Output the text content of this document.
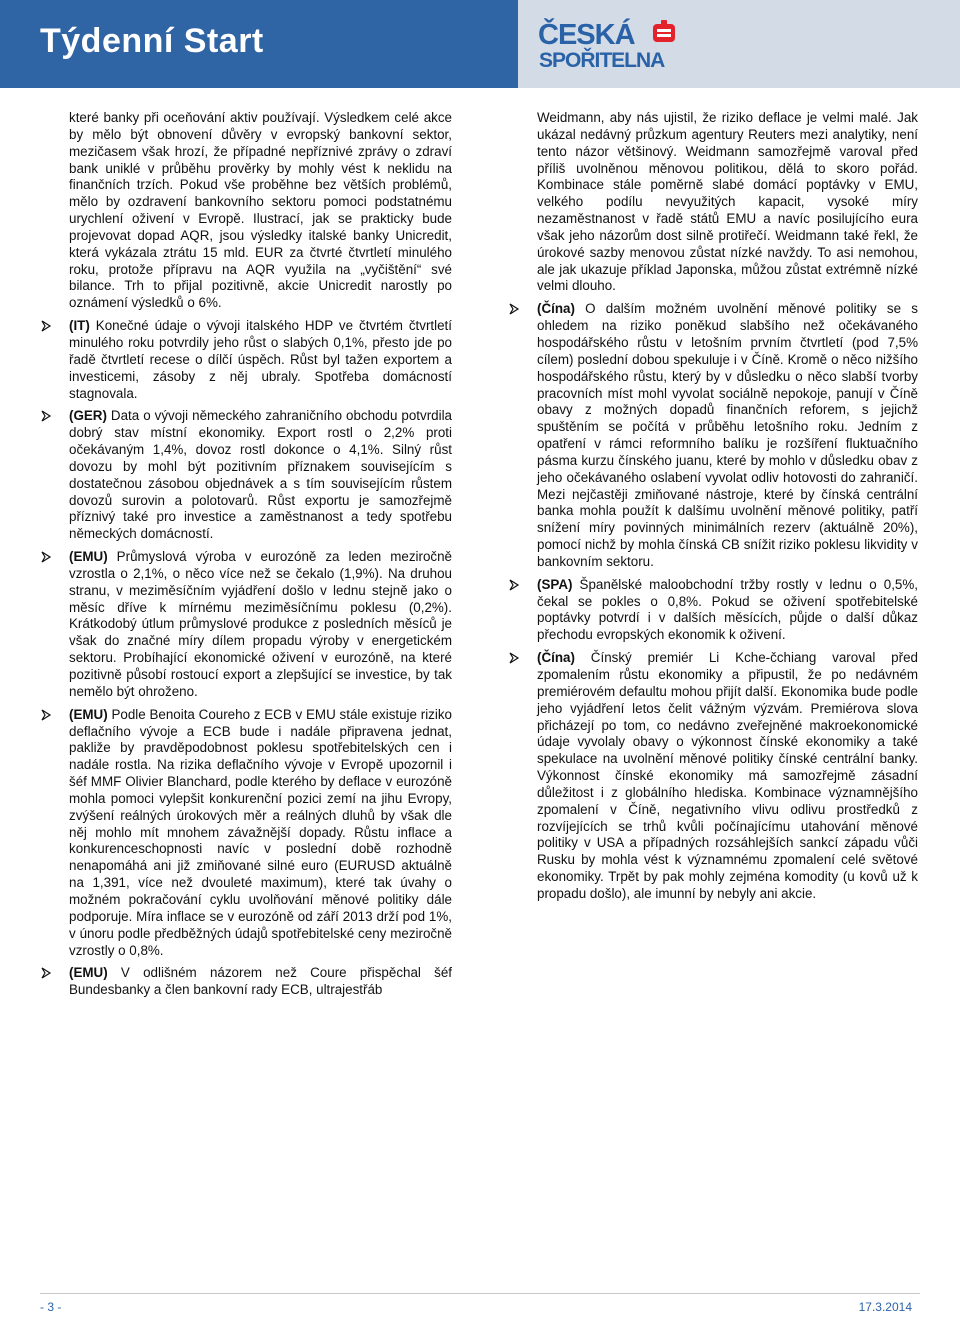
Týdenní Start	ČESKÁ
SPOŘITELNA

které banky při oceňování aktiv používají. Výsledkem celé akce by mělo být obnovení důvěry v evropský bankovní sektor, mezičasem však hrozí, že případné nepříznivé zprávy o zdraví bank uniklé v průběhu prověrky by mohly vést k neklidu na finančních trzích. Pokud vše proběhne bez větších problémů, mělo by ozdravení bankovního sektoru pomoci podstatnému urychlení oživení v Evropě. Ilustrací, jak se prakticky bude projevovat dopad AQR, jsou výsledky italské banky Unicredit, která vykázala ztrátu 15 mld. EUR za čtvrté čtvrtletí minulého roku, protože přípravu na AQR využila na „vyčištění“ své bilance. Trh to přijal pozitivně, akcie Unicredit narostly po oznámení výsledků o 6%.

(IT) Konečné údaje o vývoji italského HDP ve čtvrtém čtvrtletí minulého roku potvrdily jeho růst o slabých 0,1%, přesto jde po řadě čtvrtletí recese o dílčí úspěch. Růst byl tažen exportem a investicemi, zásoby z něj ubraly. Spotřeba domácností stagnovala.
(GER) Data o vývoji německého zahraničního obchodu potvrdila dobrý stav místní ekonomiky. Export rostl o 2,2% proti očekávaným 1,4%, dovoz rostl dokonce o 4,1%. Silný růst dovozu by mohl být pozitivním příznakem souvisejícím s dostatečnou zásobou objednávek a s tím souvisejícím růstem dovozů surovin a polotovarů. Růst exportu je samozřejmě příznivý také pro investice a zaměstnanost a tedy spotřebu německých domácností.
(EMU) Průmyslová výroba v eurozóně za leden meziročně vzrostla o 2,1%, o něco více než se čekalo (1,9%). Na druhou stranu, v meziměsíčním vyjádření došlo v lednu stejně jako o měsíc dříve k mírnému meziměsíčnímu poklesu (0,2%). Krátkodobý útlum průmyslové produkce z posledních měsíců je však do značné míry dílem propadu výroby v energetickém sektoru. Probíhající ekonomické oživení v eurozóně, na které pozitivně působí rostoucí export a zlepšující se investice, by tak nemělo být ohroženo.
(EMU) Podle Benoita Coureho z ECB v EMU stále existuje riziko deflačního vývoje a ECB bude i nadále připravena jednat, pakliže by pravděpodobnost poklesu spotřebitelských cen i nadále rostla. Na rizika deflačního vývoje v Evropě upozornil i šéf MMF Olivier Blanchard, podle kterého by deflace v eurozóně mohla pomoci vylepšit konkurenční pozici zemí na jihu Evropy, zvýšení reálných úrokových měr a reálných dluhů by však dle něj mohlo mít mnohem závažnější dopady. Růstu inflace a konkurenceschopnosti navíc v poslední době rozhodně nenapomáhá ani již zmiňované silné euro (EURUSD aktuálně na 1,391, více než dvouleté maximum), které tak úvahy o možném pokračování cyklu uvolňování měnové politiky dále podporuje. Míra inflace se v eurozóně od září 2013 drží pod 1%, v únoru podle předběžných údajů spotřebitelské ceny meziročně vzrostly o 0,8%.
(EMU) V odlišném názorem než Coure přispěchal šéf Bundesbanky a člen bankovní rady ECB, ultrajestřáb

Weidmann, aby nás ujistil, že riziko deflace je velmi malé. Jak ukázal nedávný průzkum agentury Reuters mezi analytiky, není tento názor většinový. Weidmann samozřejmě varoval před příliš uvolněnou měnovou politikou, dělá to skoro pořád. Kombinace stále poměrně slabé domácí poptávky v EMU, velkého podílu nevyužitých kapacit, vysoké míry nezaměstnanost v řadě států EMU a navíc posilujícího eura však jeho názorům dost silně protiřečí. Weidmann také řekl, že úrokové sazby menovou zůstat nízké navždy. To asi nemohou, ale jak ukazuje příklad Japonska, můžou zůstat extrémně nízké velmi dlouho.

(Čína) O dalším možném uvolnění měnové politiky se s ohledem na riziko poněkud slabšího než očekávaného hospodářského růstu v letošním prvním čtvrtletí (pod 7,5% cílem) poslední dobou spekuluje i v Číně. Kromě o něco nižšího hospodářského růstu, který by v důsledku o něco slabší tvorby pracovních míst mohl vyvolat sociálně nepokoje, panují v Číně obavy z možných dopadů finančních reforem, s jejichž spuštěním se počítá v průběhu letošního roku. Jedním z opatření v rámci reformního balíku je rozšíření fluktuačního pásma kurzu čínského juanu, které by mohlo v důsledku obav z jeho očekávaného oslabení vyvolat odliv hotovosti do zahraničí. Mezi nejčastěji zmiňované nástroje, které by čínská centrální banka mohla použít k dalšímu uvolnění měnové politiky, patří snížení míry povinných minimálních rezerv (aktuálně 20%), pomocí nichž by mohla čínská CB snížit riziko poklesu likvidity v bankovním sektoru.
(SPA) Španělské maloobchodní tržby rostly v lednu o 0,5%, čekal se pokles o 0,8%. Pokud se oživení spotřebitelské poptávky potvrdí i v dalších měsících, půjde o další důkaz přechodu evropských ekonomik k oživení.
(Čína) Čínský premiér Li Kche-čchiang varoval před zpomalením růstu ekonomiky a připustil, že po nedávném premiérovém defaultu mohou přijít další. Ekonomika bude podle jeho vyjádření letos čelit vážným výzvám. Premiérova slova přicházejí po tom, co nedávno zveřejněné makroekonomické údaje vyvolaly obavy o výkonnost čínské ekonomiky a také spekulace na uvolnění měnové politiky čínské centrální banky. Výkonnost čínské ekonomiky má samozřejmě zásadní důležitost i z globálního hlediska. Kombinace významnějšího zpomalení v Číně, negativního vlivu odlivu prostředků z rozvíjejících se trhů kvůli počínajícímu utahování měnové politiky v USA a případných rozsáhlejších sankcí západu vůči Rusku by mohla vést k významnému zpomalení celé světové ekonomiky. Trpět by pak mohly zejména komodity (u kovů už k propadu došlo), ale imunní by nebyly ani akcie.
- 3 -	17.3.2014
